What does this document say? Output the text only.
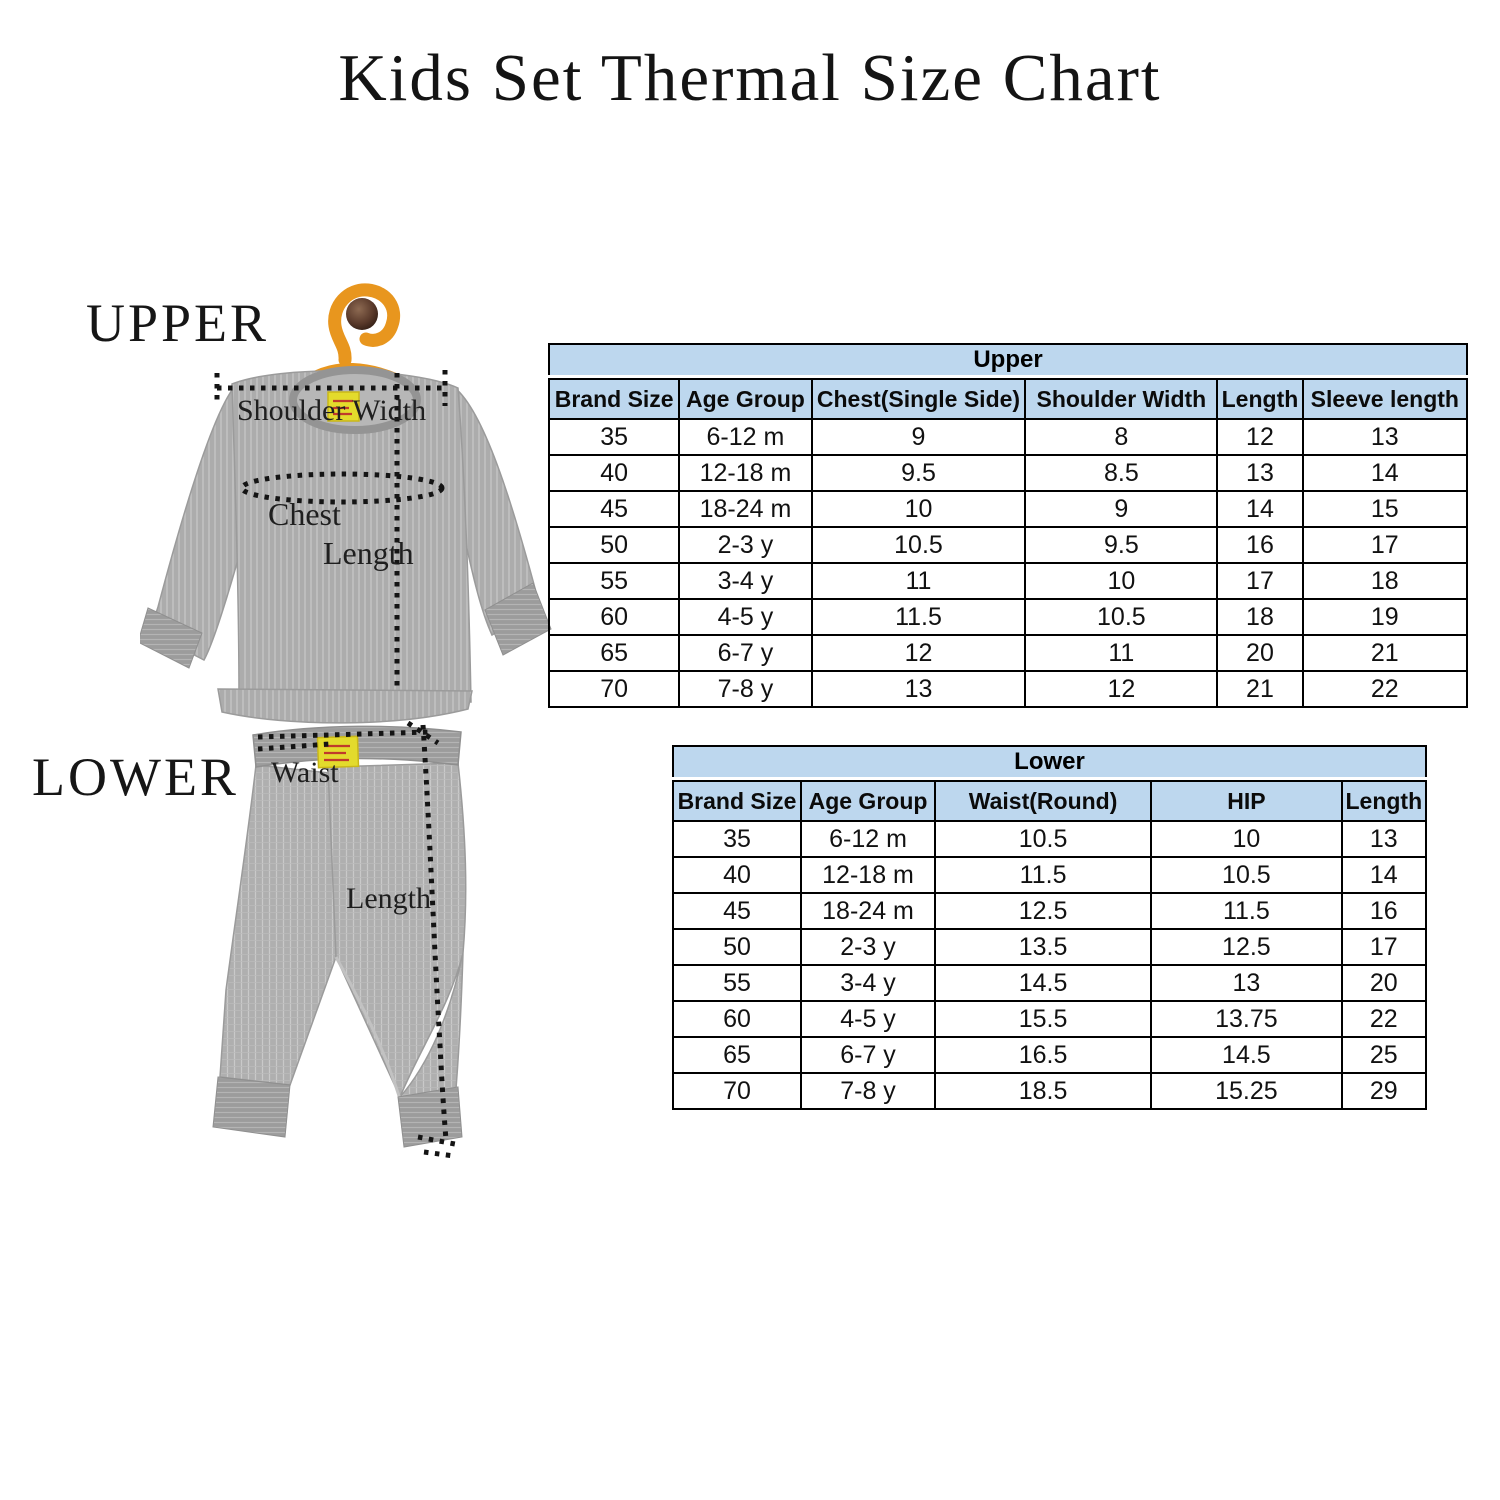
Kids Set Thermal Size Chart
UPPER
LOWER
Shoulder Width
Chest
Length
Waist
Length
Upper
Brand Size	Age Group	Chest(Single Side)	Shoulder Width	Length	Sleeve length
35	6-12 m	9	8	12	13
40	12-18 m	9.5	8.5	13	14
45	18-24 m	10	9	14	15
50	2-3 y	10.5	9.5	16	17
55	3-4 y	11	10	17	18
60	4-5 y	11.5	10.5	18	19
65	6-7 y	12	11	20	21
70	7-8 y	13	12	21	22
Lower
Brand Size	Age Group	Waist(Round)	HIP	Length
35	6-12 m	10.5	10	13
40	12-18 m	11.5	10.5	14
45	18-24 m	12.5	11.5	16
50	2-3 y	13.5	12.5	17
55	3-4 y	14.5	13	20
60	4-5 y	15.5	13.75	22
65	6-7 y	16.5	14.5	25
70	7-8 y	18.5	15.25	29
